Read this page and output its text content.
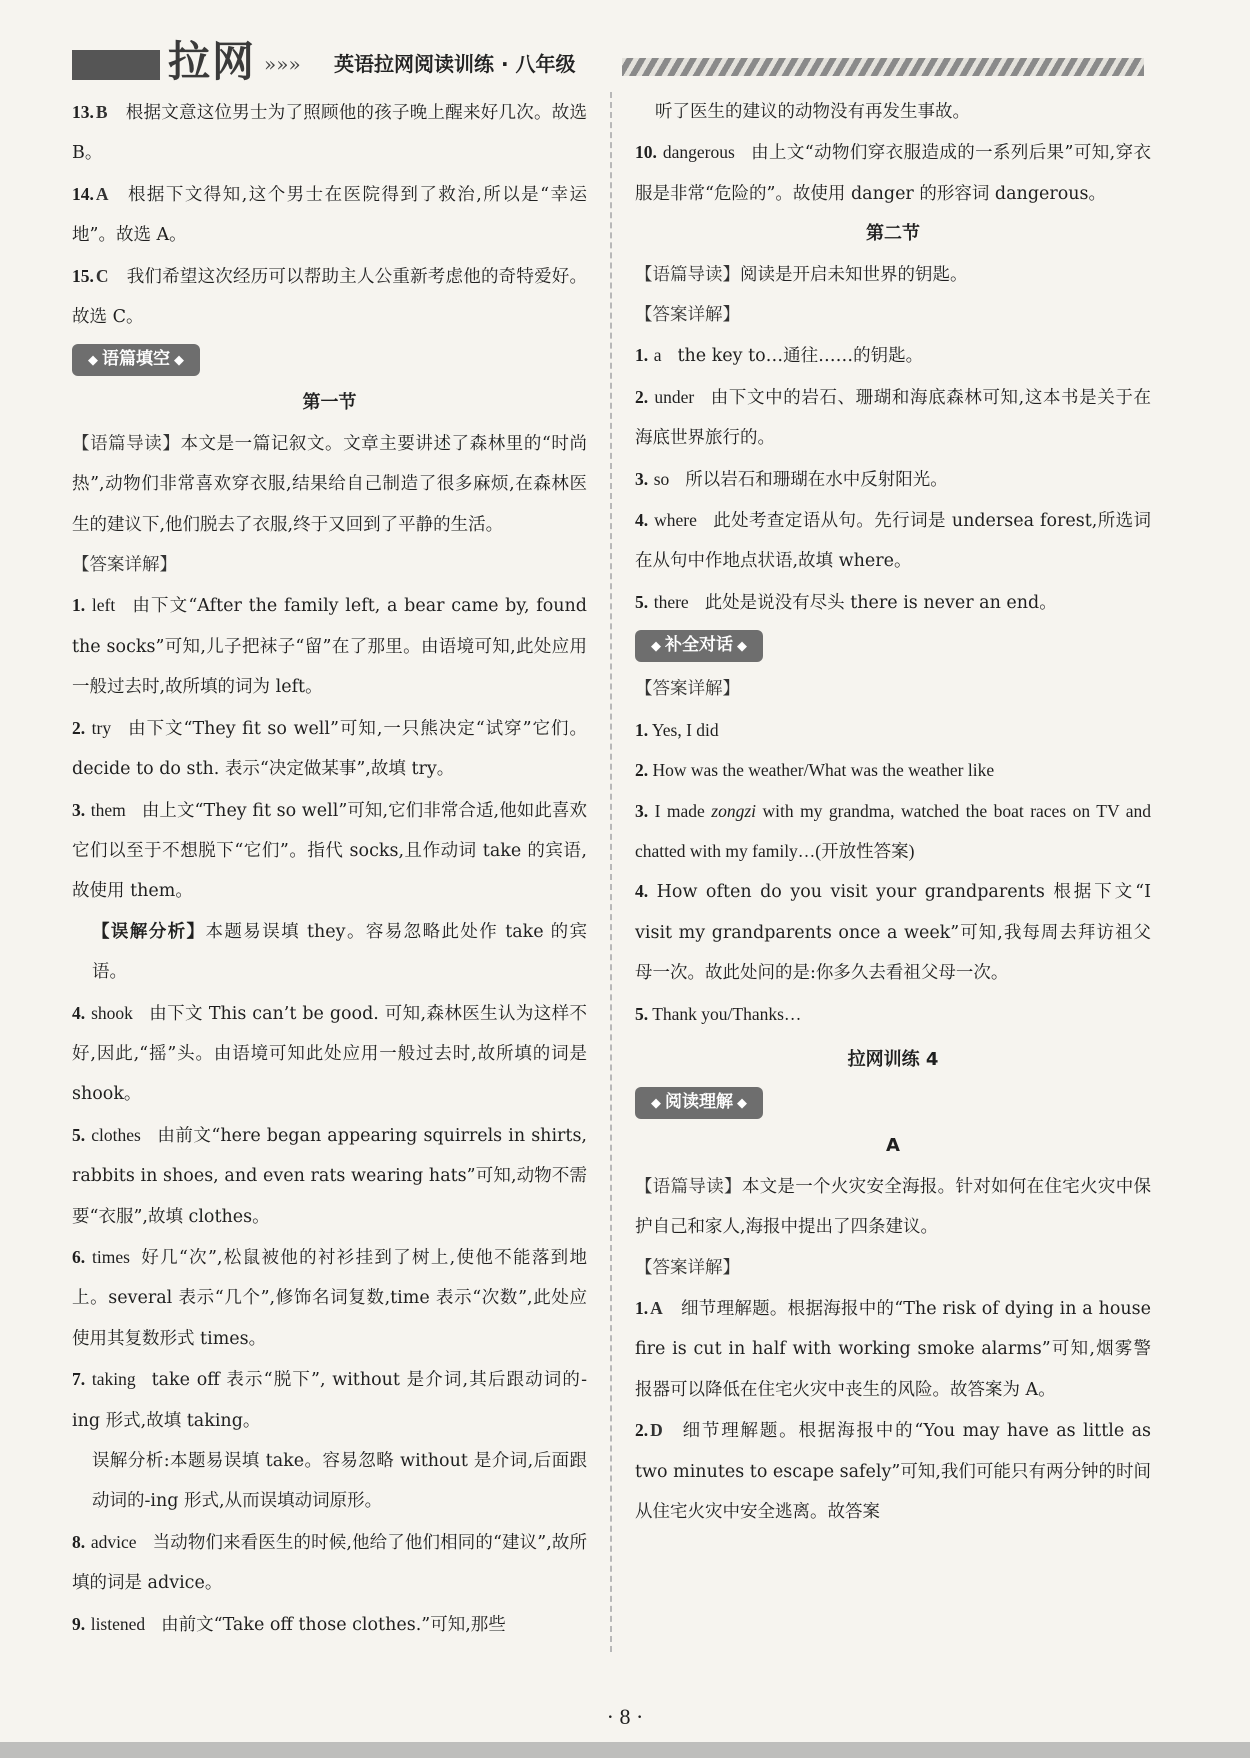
拉网 »»» 英语拉网阅读训练 · 八年级

13. B 根据文意这位男士为了照顾他的孩子晚上醒来好几次。故选 B。

14. A 根据下文得知,这个男士在医院得到了救治,所以是“幸运地”。故选 A。

15. C 我们希望这次经历可以帮助主人公重新考虑他的奇特爱好。故选 C。

◆ 语篇填空 ◆

第一节

【语篇导读】本文是一篇记叙文。文章主要讲述了森林里的“时尚热”,动物们非常喜欢穿衣服,结果给自己制造了很多麻烦,在森林医生的建议下,他们脱去了衣服,终于又回到了平静的生活。

【答案详解】

1. left 由下文“After the family left, a bear came by, found the socks”可知,儿子把袜子“留”在了那里。由语境可知,此处应用一般过去时,故所填的词为 left。

2. try 由下文“They fit so well”可知,一只熊决定“试穿”它们。decide to do sth. 表示“决定做某事”,故填 try。

3. them 由上文“They fit so well”可知,它们非常合适,他如此喜欢它们以至于不想脱下“它们”。指代 socks,且作动词 take 的宾语,故使用 them。

【误解分析】本题易误填 they。容易忽略此处作 take 的宾语。

4. shook 由下文 This can’t be good. 可知,森林医生认为这样不好,因此,“摇”头。由语境可知此处应用一般过去时,故所填的词是 shook。

5. clothes 由前文“here began appearing squirrels in shirts, rabbits in shoes, and even rats wearing hats”可知,动物不需要“衣服”,故填 clothes。

6. times 好几“次”,松鼠被他的衬衫挂到了树上,使他不能落到地上。several 表示“几个”,修饰名词复数,time 表示“次数”,此处应使用其复数形式 times。

7. taking take off 表示“脱下”, without 是介词,其后跟动词的-ing 形式,故填 taking。

误解分析:本题易误填 take。容易忽略 without 是介词,后面跟动词的-ing 形式,从而误填动词原形。

8. advice 当动物们来看医生的时候,他给了他们相同的“建议”,故所填的词是 advice。

9. listened 由前文“Take off those clothes.”可知,那些

听了医生的建议的动物没有再发生事故。

10. dangerous 由上文“动物们穿衣服造成的一系列后果”可知,穿衣服是非常“危险的”。故使用 danger 的形容词 dangerous。

第二节

【语篇导读】阅读是开启未知世界的钥匙。

【答案详解】

1. a the key to…通往……的钥匙。

2. under 由下文中的岩石、珊瑚和海底森林可知,这本书是关于在海底世界旅行的。

3. so 所以岩石和珊瑚在水中反射阳光。

4. where 此处考查定语从句。先行词是 undersea forest,所选词在从句中作地点状语,故填 where。

5. there 此处是说没有尽头 there is never an end。

◆ 补全对话 ◆

【答案详解】

1. Yes, I did

2. How was the weather/What was the weather like

3. I made zongzi with my grandma, watched the boat races on TV and chatted with my family…(开放性答案)

4. How often do you visit your grandparents 根据下文“I visit my grandparents once a week”可知,我每周去拜访祖父母一次。故此处问的是:你多久去看祖父母一次。

5. Thank you/Thanks…

拉网训练 4

◆ 阅读理解 ◆

A

【语篇导读】本文是一个火灾安全海报。针对如何在住宅火灾中保护自己和家人,海报中提出了四条建议。

【答案详解】

1. A 细节理解题。根据海报中的“The risk of dying in a house fire is cut in half with working smoke alarms”可知,烟雾警报器可以降低在住宅火灾中丧生的风险。故答案为 A。

2. D 细节理解题。根据海报中的“You may have as little as two minutes to escape safely”可知,我们可能只有两分钟的时间从住宅火灾中安全逃离。故答案

· 8 ·
